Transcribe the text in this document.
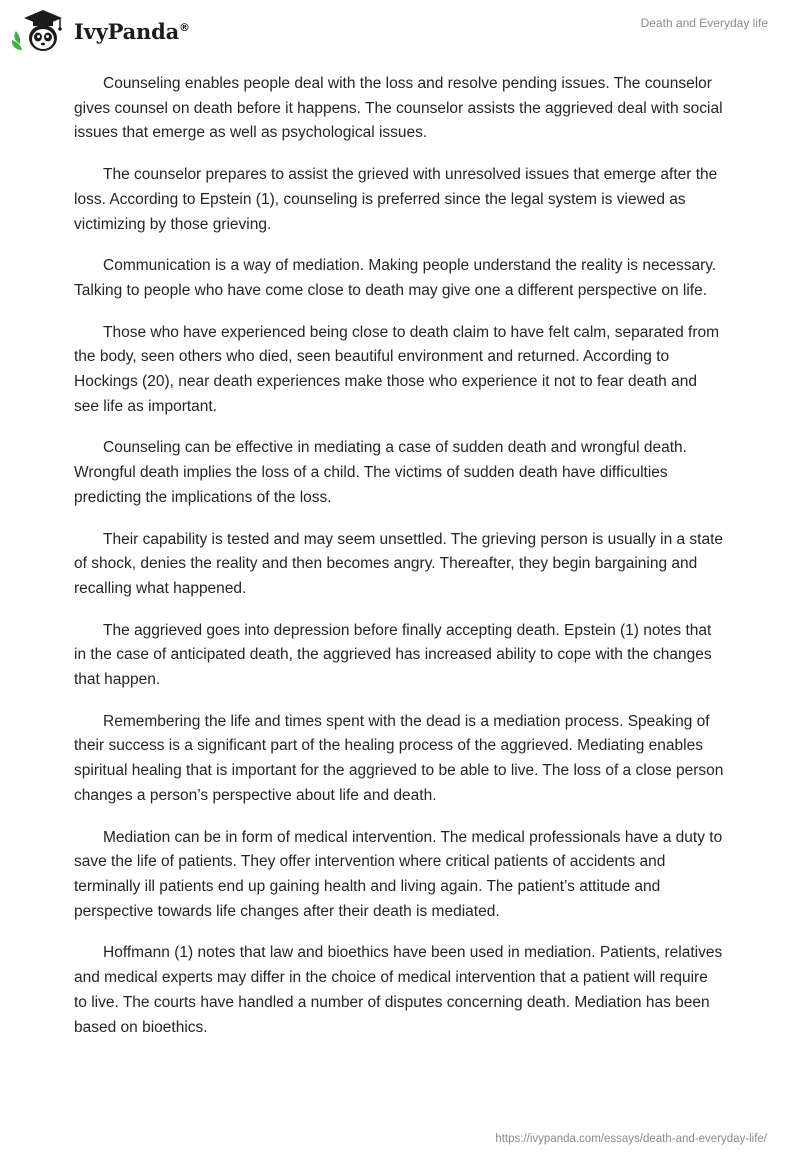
IvyPanda®	Death and Everyday life

Counseling enables people deal with the loss and resolve pending issues. The counselor gives counsel on death before it happens. The counselor assists the aggrieved deal with social issues that emerge as well as psychological issues.

The counselor prepares to assist the grieved with unresolved issues that emerge after the loss. According to Epstein (1), counseling is preferred since the legal system is viewed as victimizing by those grieving.

Communication is a way of mediation. Making people understand the reality is necessary. Talking to people who have come close to death may give one a different perspective on life.

Those who have experienced being close to death claim to have felt calm, separated from the body, seen others who died, seen beautiful environment and returned. According to Hockings (20), near death experiences make those who experience it not to fear death and see life as important.

Counseling can be effective in mediating a case of sudden death and wrongful death. Wrongful death implies the loss of a child. The victims of sudden death have difficulties predicting the implications of the loss.

Their capability is tested and may seem unsettled. The grieving person is usually in a state of shock, denies the reality and then becomes angry. Thereafter, they begin bargaining and recalling what happened.

The aggrieved goes into depression before finally accepting death. Epstein (1) notes that in the case of anticipated death, the aggrieved has increased ability to cope with the changes that happen.

Remembering the life and times spent with the dead is a mediation process. Speaking of their success is a significant part of the healing process of the aggrieved. Mediating enables spiritual healing that is important for the aggrieved to be able to live. The loss of a close person changes a person’s perspective about life and death.

Mediation can be in form of medical intervention. The medical professionals have a duty to save the life of patients. They offer intervention where critical patients of accidents and terminally ill patients end up gaining health and living again. The patient’s attitude and perspective towards life changes after their death is mediated.

Hoffmann (1) notes that law and bioethics have been used in mediation. Patients, relatives and medical experts may differ in the choice of medical intervention that a patient will require to live. The courts have handled a number of disputes concerning death. Mediation has been based on bioethics.

https://ivypanda.com/essays/death-and-everyday-life/
